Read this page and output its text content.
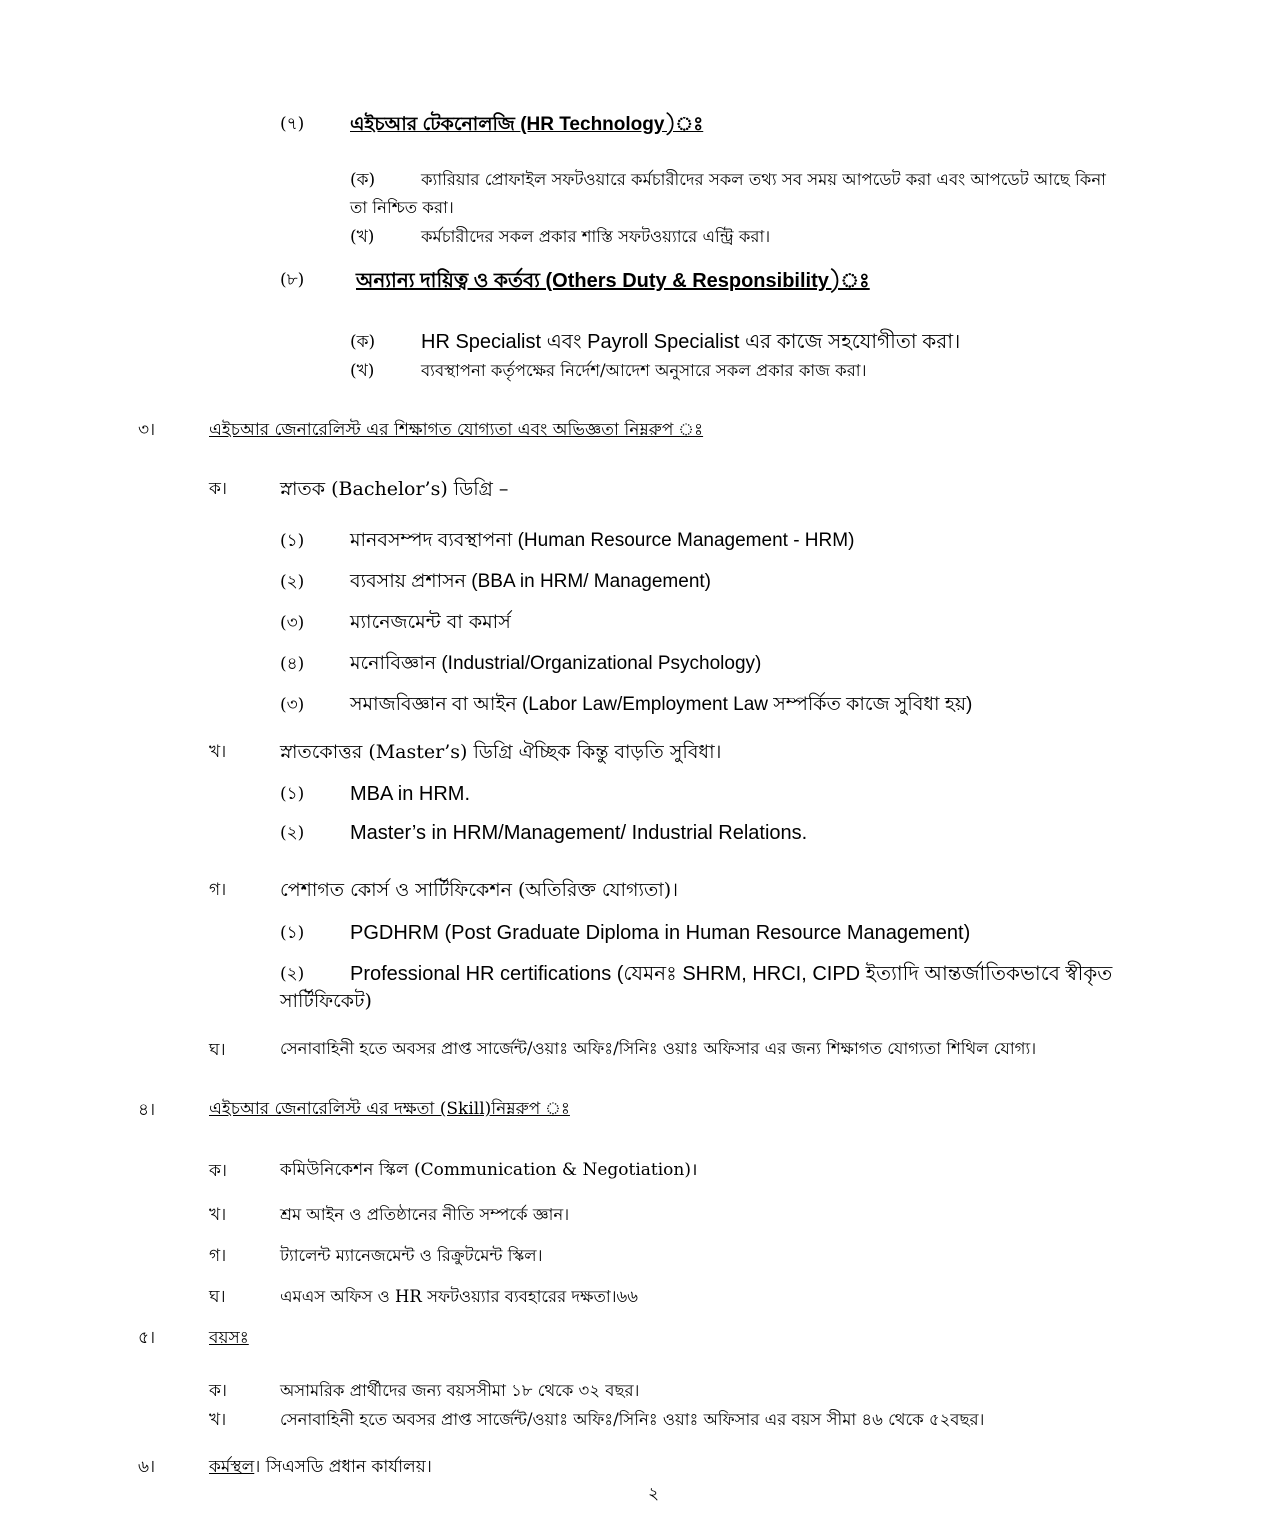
(৭) এইচআর টেকনোলজি (HR Technology)ঃ
(ক)	ক্যারিয়ার প্রোফাইল সফটওয়ারে কর্মচারীদের সকল তথ্য সব সময় আপডেট করা এবং আপডেট আছে কিনা
তা নিশ্চিত করা।
(খ)	কর্মচারীদের সকল প্রকার শাস্তি সফটওয়্যারে এন্ট্রি করা।
(৮)	অন্যান্য দায়িত্ব ও কর্তব্য (Others Duty & Responsibility)ঃ
(ক) HR Specialist এবং Payroll Specialist এর কাজে সহযোগীতা করা।
(খ)	ব্যবস্থাপনা কর্তৃপক্ষের নির্দেশ/আদেশ অনুসারে সকল প্রকার কাজ করা।
৩।	এইচআর জেনারেলিস্ট এর শিক্ষাগত যোগ্যতা এবং অভিজ্ঞতা নিম্নরুপ ঃ
ক।	স্নাতক (Bachelor’s) ডিগ্রি –
(১) মানবসম্পদ ব্যবস্থাপনা (Human Resource Management - HRM)
(২) ব্যবসায় প্রশাসন (BBA in HRM/ Management)
(৩) ম্যানেজমেন্ট বা কমার্স
(৪) মনোবিজ্ঞান (Industrial/Organizational Psychology)
(৩) সমাজবিজ্ঞান বা আইন (Labor Law/Employment Law সম্পর্কিত কাজে সুবিধা হয়)
খ।	স্নাতকোত্তর (Master’s) ডিগ্রি ঐচ্ছিক কিন্তু বাড়তি সুবিধা।
(১) MBA in HRM.
(২) Master’s in HRM/Management/ Industrial Relations.
গ।	পেশাগত কোর্স ও সার্টিফিকেশন (অতিরিক্ত যোগ্যতা)।
(১) PGDHRM (Post Graduate Diploma in Human Resource Management)
(২) Professional HR certifications (যেমনঃ SHRM, HRCI, CIPD ইত্যাদি আন্তর্জাতিকভাবে স্বীকৃত
সার্টিফিকেট)
ঘ।	সেনাবাহিনী হতে অবসর প্রাপ্ত সার্জেন্ট/ওয়াঃ অফিঃ/সিনিঃ ওয়াঃ অফিসার এর জন্য শিক্ষাগত যোগ্যতা শিথিল যোগ্য।
৪।	এইচআর জেনারেলিস্ট এর দক্ষতা (Skill)নিম্নরুপ ঃ
ক।	কমিউনিকেশন স্কিল (Communication & Negotiation)।
খ।	শ্রম আইন ও প্রতিষ্ঠানের নীতি সম্পর্কে জ্ঞান।
গ।	ট্যালেন্ট ম্যানেজমেন্ট ও রিক্রুটমেন্ট স্কিল।
ঘ।	এমএস অফিস ও HR সফটওয়্যার ব্যবহারের দক্ষতা।৬৬
৫।	বয়সঃ
ক।	অসামরিক প্রার্থীদের জন্য বয়সসীমা ১৮ থেকে ৩২ বছর।
খ।	সেনাবাহিনী হতে অবসর প্রাপ্ত সার্জেন্ট/ওয়াঃ অফিঃ/সিনিঃ ওয়াঃ অফিসার এর বয়স সীমা ৪৬ থেকে ৫২বছর।
৬।	কর্মস্থল। সিএসডি প্রধান কার্যালয়।
২
